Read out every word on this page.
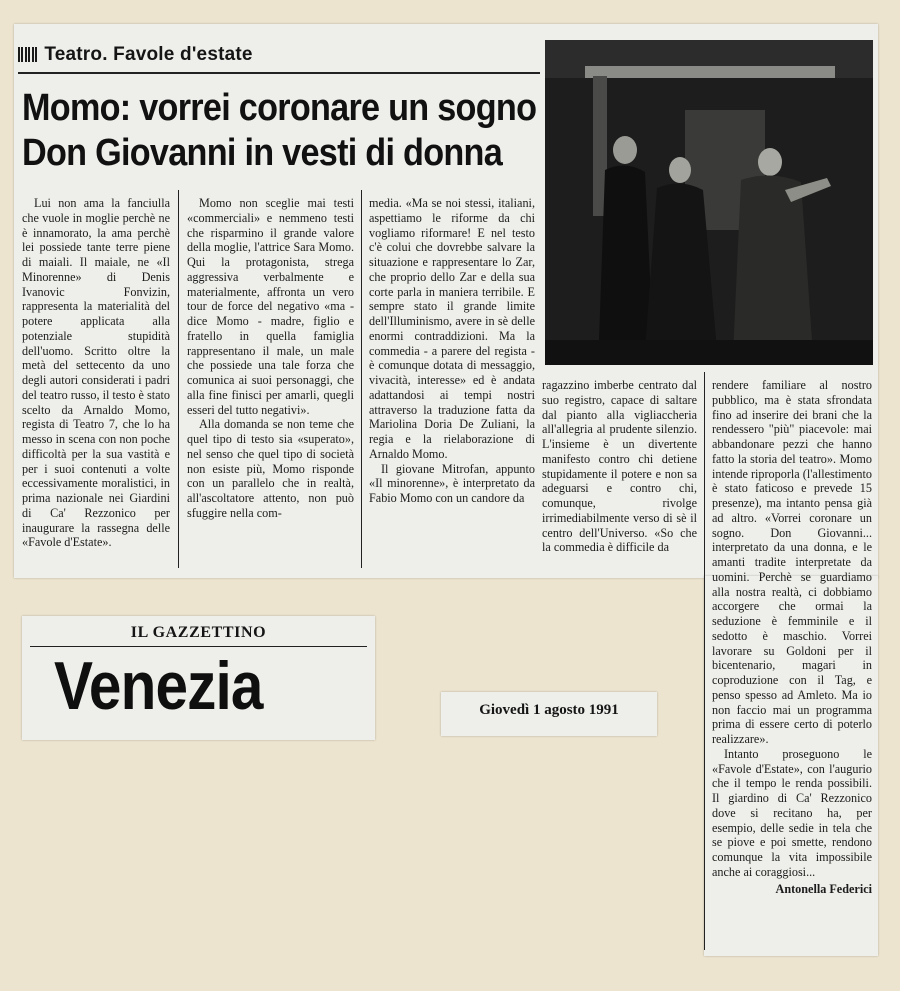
Teatro. Favole d'estate
Momo: vorrei coronare un sogno
Don Giovanni in vesti di donna

Lui non ama la fanciulla che vuole in moglie perchè ne è innamorato, la ama perchè lei possiede tante terre piene di maiali. Il maiale, ne «Il Minorenne» di Denis Ivanovic Fonvizin, rappresenta la materialità del potere applicata alla potenziale stupidità dell'uomo. Scritto oltre la metà del settecento da uno degli autori considerati i padri del teatro russo, il testo è stato scelto da Arnaldo Momo, regista di Teatro 7, che lo ha messo in scena con non poche difficoltà per la sua vastità e per i suoi contenuti a volte eccessivamente moralistici, in prima nazionale nei Giardini di Ca' Rezzonico per inaugurare la rassegna delle «Favole d'Estate».

Momo non sceglie mai testi «commerciali» e nemmeno testi che risparmino il grande valore della moglie, l'attrice Sara Momo. Qui la protagonista, strega aggressiva verbalmente e materialmente, affronta un vero tour de force del negativo «ma - dice Momo - madre, figlio e fratello in quella famiglia rappresentano il male, un male che possiede una tale forza che comunica ai suoi personaggi, che alla fine finisci per amarli, quegli esseri del tutto negativi».

Alla domanda se non teme che quel tipo di testo sia «superato», nel senso che quel tipo di società non esiste più, Momo risponde con un parallelo che in realtà, all'ascoltatore attento, non può sfuggire nella com-

media. «Ma se noi stessi, italiani, aspettiamo le riforme da chi vogliamo riformare! E nel testo c'è colui che dovrebbe salvare la situazione e rappresentare lo Zar, che proprio dello Zar e della sua corte parla in maniera terribile. E sempre stato il grande limite dell'Illuminismo, avere in sè delle enormi contraddizioni. Ma la commedia - a parere del regista - è comunque dotata di messaggio, vivacità, interesse» ed è andata adattandosi ai tempi nostri attraverso la traduzione fatta da Mariolina Doria De Zuliani, la regia e la rielaborazione di Arnaldo Momo.

Il giovane Mitrofan, appunto «Il minorenne», è interpretato da Fabio Momo con un candore da

ragazzino imberbe centrato dal suo registro, capace di saltare dal pianto alla vigliaccheria all'allegria al prudente silenzio. L'insieme è un divertente manifesto contro chi detiene stupidamente il potere e non sa adeguarsi e contro chi, comunque, rivolge irrimediabilmente verso di sè il centro dell'Universo. «So che la commedia è difficile da

rendere familiare al nostro pubblico, ma è stata sfrondata fino ad inserire dei brani che la rendessero "più" piacevole: mai abbandonare pezzi che hanno fatto la storia del teatro». Momo intende riproporla (l'allestimento è stato faticoso e prevede 15 presenze), ma intanto pensa già ad altro. «Vorrei coronare un sogno. Don Giovanni... interpretato da una donna, e le amanti tradite interpretate da uomini. Perchè se guardiamo alla nostra realtà, ci dobbiamo accorgere che ormai la seduzione è femminile e il sedotto è maschio. Vorrei lavorare su Goldoni per il bicentenario, magari in coproduzione con il Tag, e penso spesso ad Amleto. Ma io non faccio mai un programma prima di essere certo di poterlo realizzare».

Intanto proseguono le «Favole d'Estate», con l'augurio che il tempo le renda possibili. Il giardino di Ca' Rezzonico dove si recitano ha, per esempio, delle sedie in tela che se piove e poi smette, rendono comunque la vita impossibile anche ai coraggiosi...

Antonella Federici
IL GAZZETTINO
Venezia	Giovedì 1 agosto 1991
